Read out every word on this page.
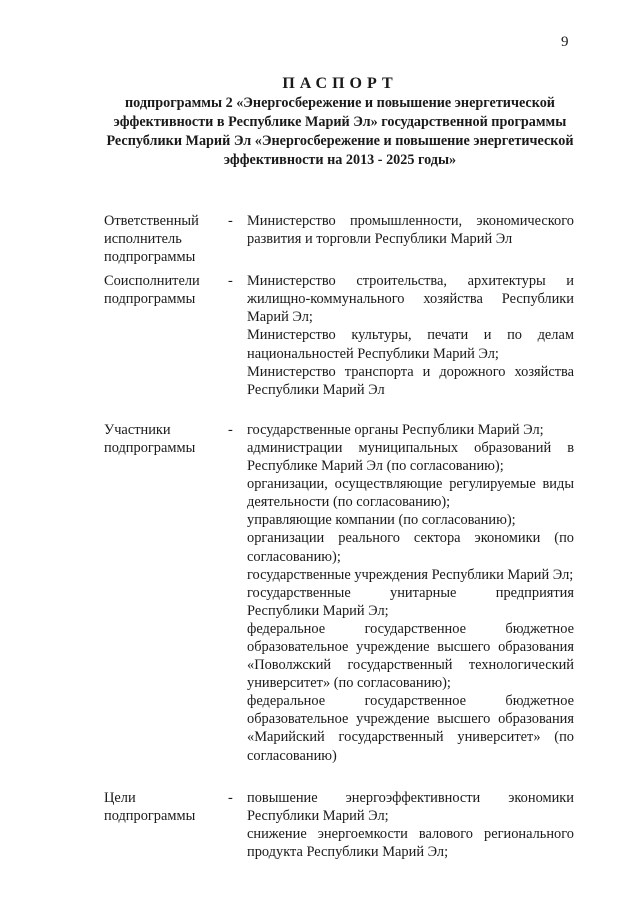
9
ПАСПОРТ
подпрограммы 2 «Энергосбережение и повышение энергетической эффективности в Республике Марий Эл» государственной программы Республики Марий Эл «Энергосбережение и повышение энергетической эффективности на 2013 - 2025 годы»
Ответственный исполнитель подпрограммы
- Министерство промышленности, экономического развития и торговли Республики Марий Эл
Соисполнители подпрограммы
- Министерство строительства, архитектуры и жилищно-коммунального хозяйства Республики Марий Эл;
Министерство культуры, печати и по делам национальностей Республики Марий Эл;
Министерство транспорта и дорожного хозяйства Республики Марий Эл
Участники подпрограммы
- государственные органы Республики Марий Эл;
администрации муниципальных образований в Республике Марий Эл (по согласованию);
организации, осуществляющие регулируемые виды деятельности (по согласованию);
управляющие компании (по согласованию);
организации реального сектора экономики (по согласованию);
государственные учреждения Республики Марий Эл;
государственные унитарные предприятия Республики Марий Эл;
федеральное государственное бюджетное образовательное учреждение высшего образования «Поволжский государственный технологический университет» (по согласованию);
федеральное государственное бюджетное образовательное учреждение высшего образования «Марийский государственный университет» (по согласованию)
Цели подпрограммы
- повышение энергоэффективности экономики Республики Марий Эл;
снижение энергоемкости валового регионального продукта Республики Марий Эл;
